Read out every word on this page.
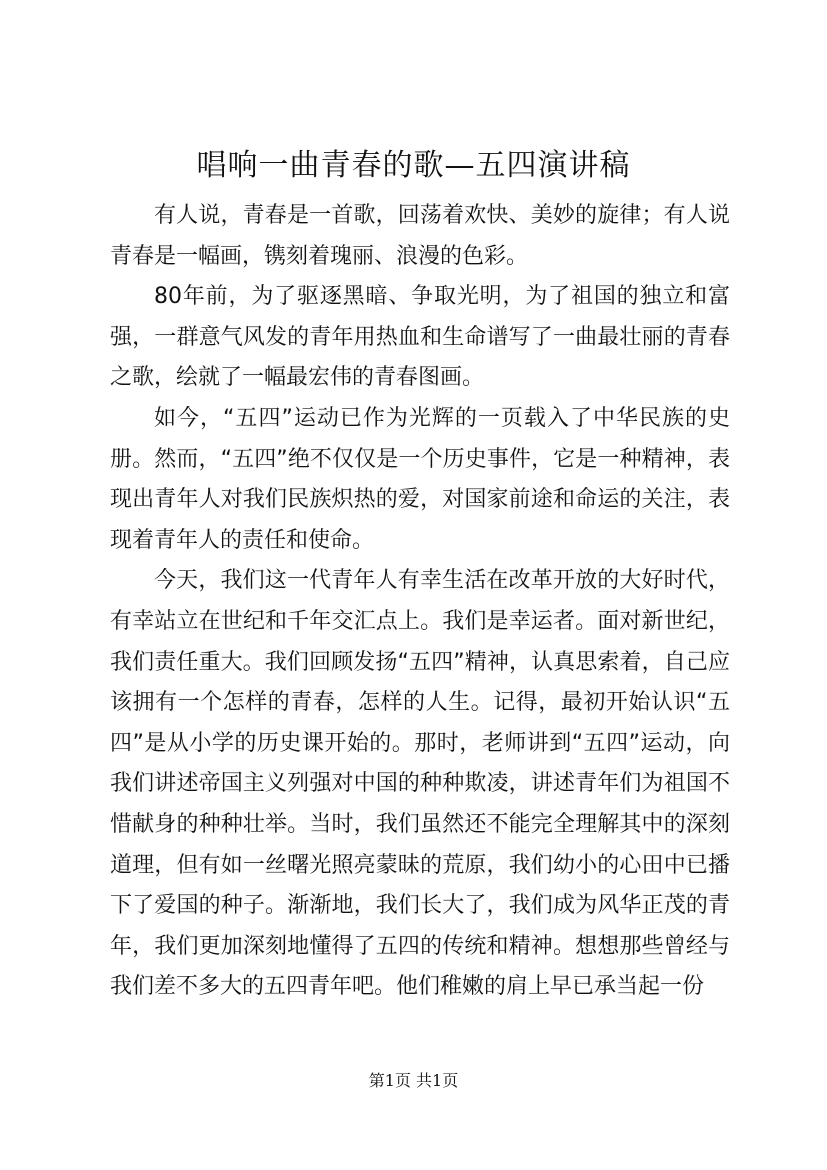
唱响一曲青春的歌—五四演讲稿

有人说，青春是一首歌，回荡着欢快、美妙的旋律；有人说青春是一幅画，镌刻着瑰丽、浪漫的色彩。

80年前，为了驱逐黑暗、争取光明，为了祖国的独立和富强，一群意气风发的青年用热血和生命谱写了一曲最壮丽的青春之歌，绘就了一幅最宏伟的青春图画。

如今，“五四”运动已作为光辉的一页载入了中华民族的史册。然而，“五四”绝不仅仅是一个历史事件，它是一种精神，表现出青年人对我们民族炽热的爱，对国家前途和命运的关注，表现着青年人的责任和使命。

今天，我们这一代青年人有幸生活在改革开放的大好时代，有幸站立在世纪和千年交汇点上。我们是幸运者。面对新世纪，我们责任重大。我们回顾发扬“五四”精神，认真思索着，自己应该拥有一个怎样的青春，怎样的人生。记得，最初开始认识“五四”是从小学的历史课开始的。那时，老师讲到“五四”运动，向我们讲述帝国主义列强对中国的种种欺凌，讲述青年们为祖国不惜献身的种种壮举。当时，我们虽然还不能完全理解其中的深刻道理，但有如一丝曙光照亮蒙昧的荒原，我们幼小的心田中已播下了爱国的种子。渐渐地，我们长大了，我们成为风华正茂的青年，我们更加深刻地懂得了五四的传统和精神。想想那些曾经与我们差不多大的五四青年吧。他们稚嫩的肩上早已承当起一份

第1页 共1页
